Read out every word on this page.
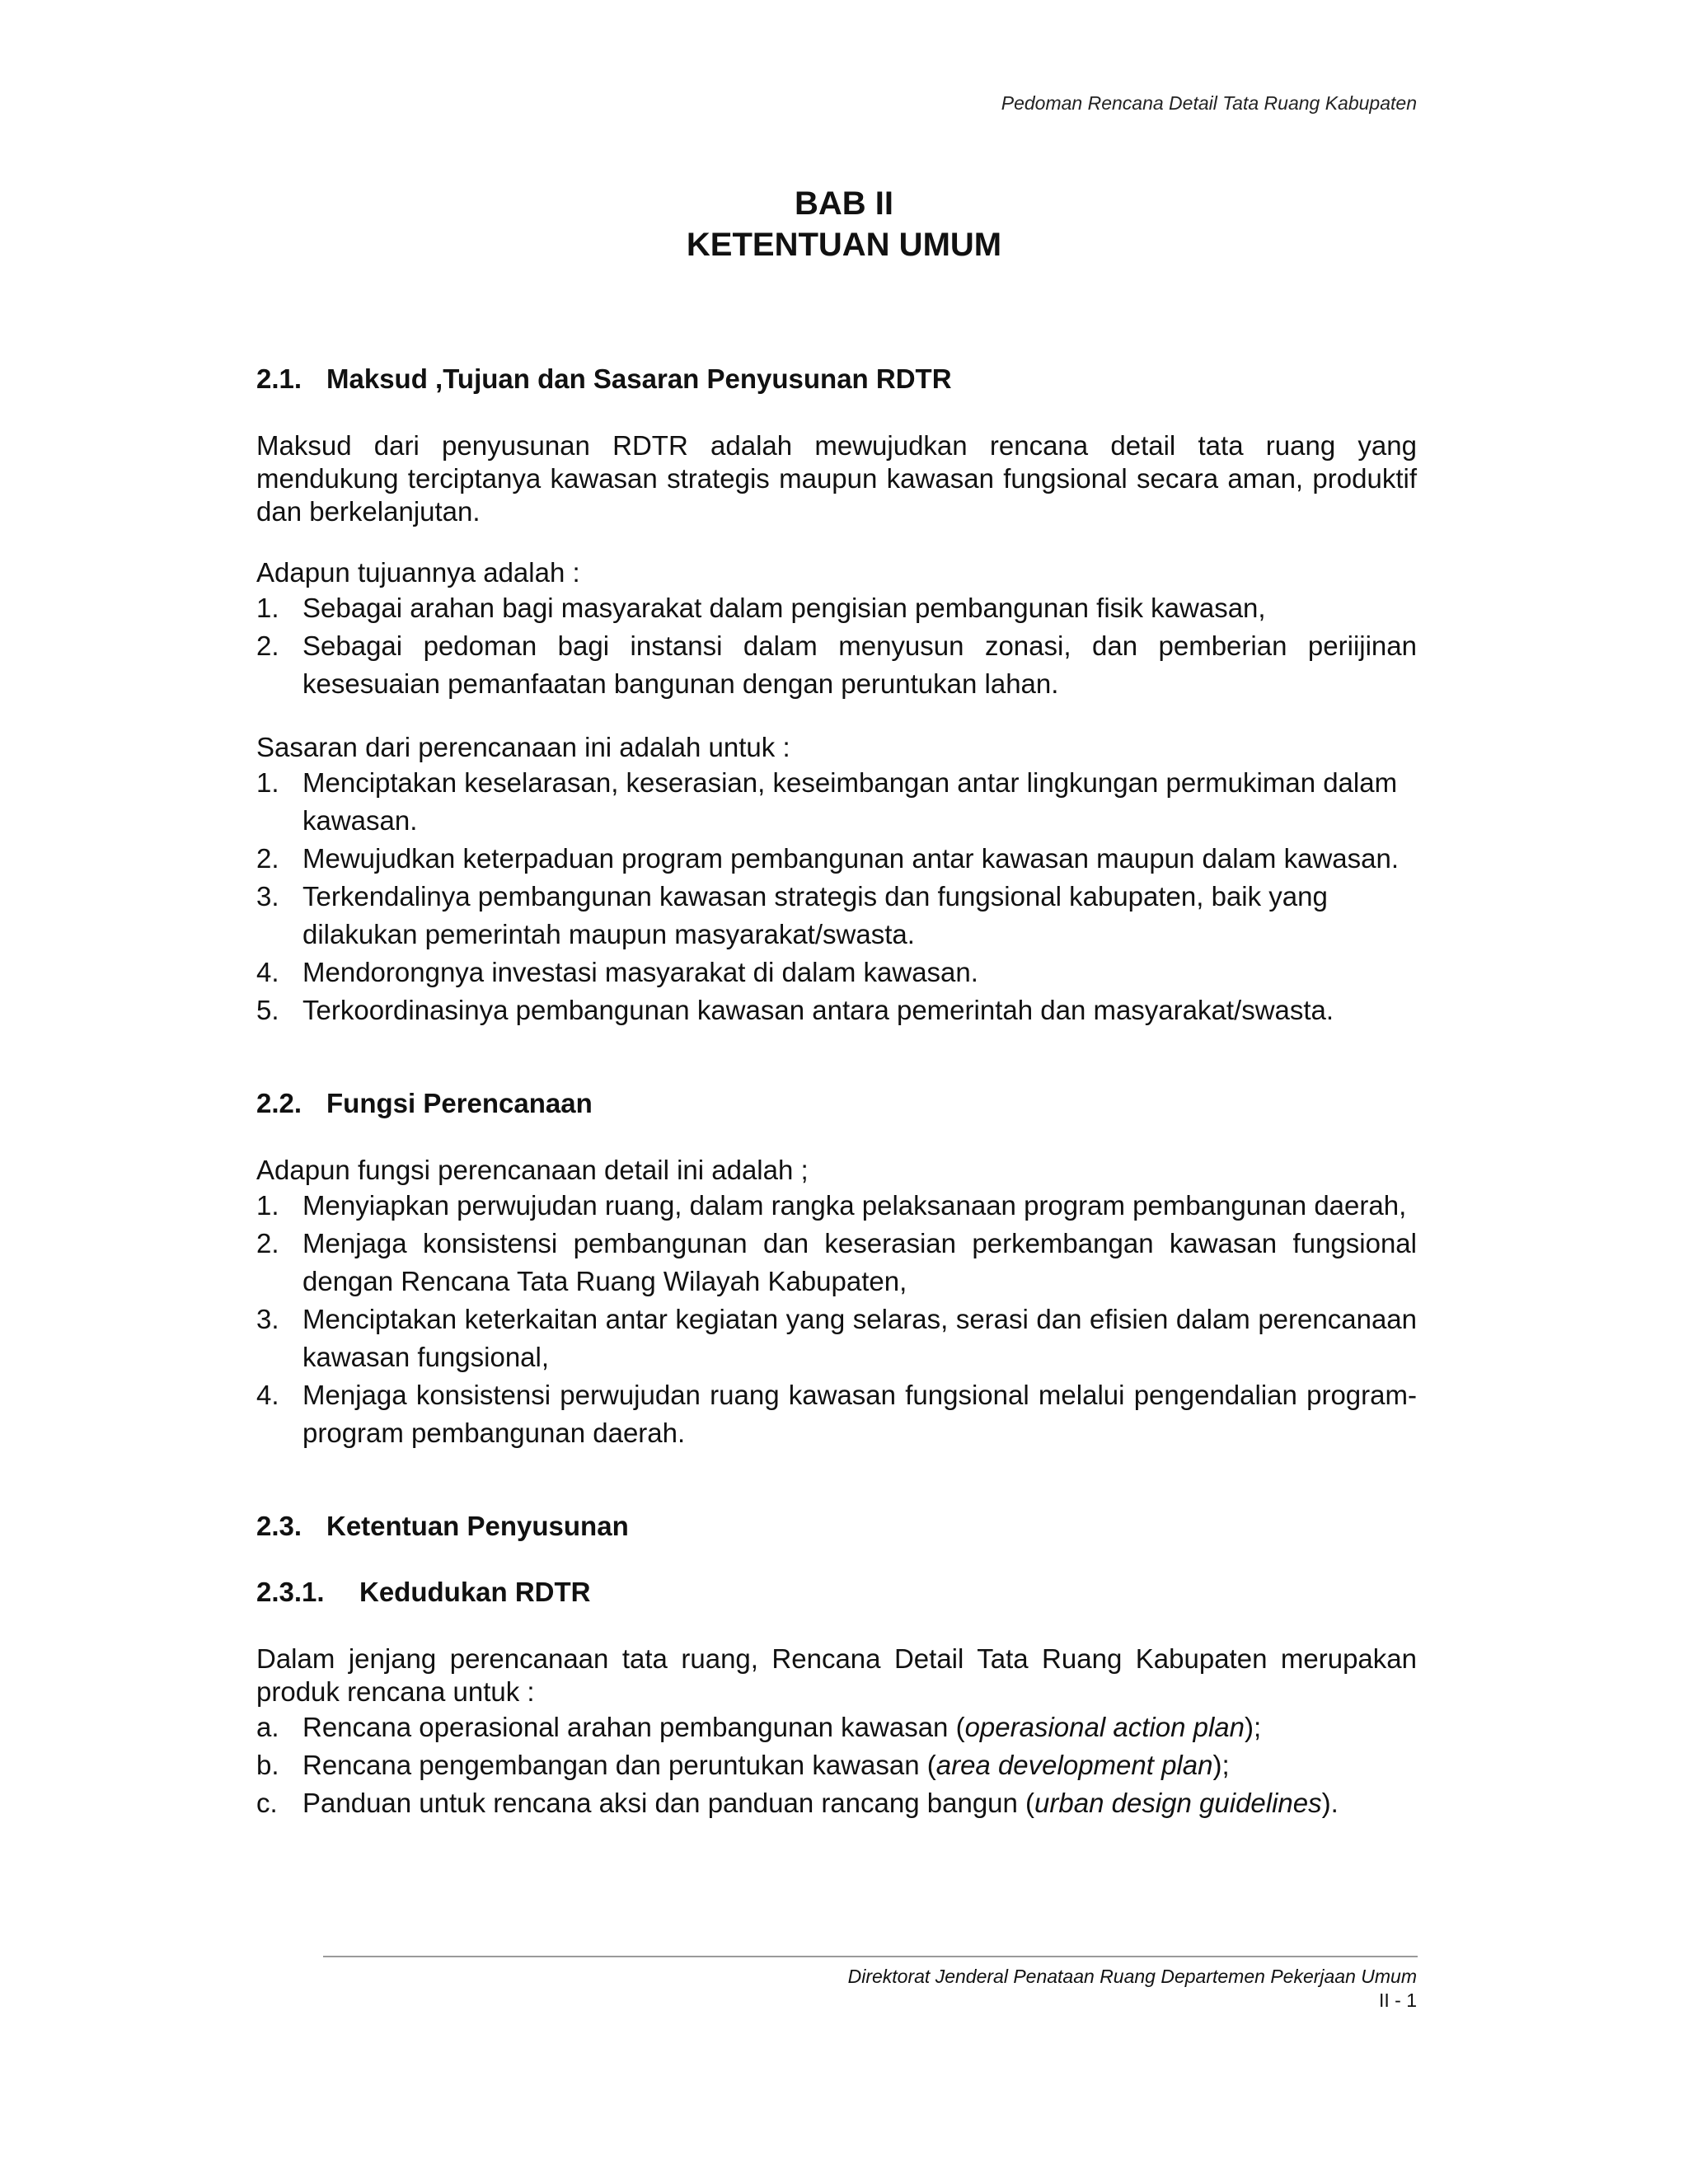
Pedoman Rencana Detail Tata Ruang Kabupaten
BAB II
KETENTUAN UMUM
2.1. Maksud ,Tujuan dan Sasaran Penyusunan RDTR

Maksud dari penyusunan RDTR adalah mewujudkan rencana detail tata ruang yang mendukung terciptanya kawasan strategis maupun kawasan fungsional secara aman, produktif dan berkelanjutan.

Adapun tujuannya adalah :

1. Sebagai arahan bagi masyarakat dalam pengisian pembangunan fisik kawasan,
2. Sebagai pedoman bagi instansi dalam menyusun zonasi, dan pemberian periijinan kesesuaian pemanfaatan bangunan dengan peruntukan lahan.

Sasaran dari perencanaan ini adalah untuk :

1. Menciptakan keselarasan, keserasian, keseimbangan antar lingkungan permukiman dalam kawasan.
2. Mewujudkan keterpaduan program pembangunan antar kawasan maupun dalam kawasan.
3. Terkendalinya pembangunan kawasan strategis dan fungsional kabupaten, baik yang dilakukan pemerintah maupun masyarakat/swasta.
4. Mendorongnya investasi masyarakat di dalam kawasan.
5. Terkoordinasinya pembangunan kawasan antara pemerintah dan masyarakat/swasta.
2.2. Fungsi Perencanaan

Adapun fungsi perencanaan detail ini adalah ;

1. Menyiapkan perwujudan ruang, dalam rangka pelaksanaan program pembangunan daerah,
2. Menjaga konsistensi pembangunan dan keserasian perkembangan kawasan fungsional dengan Rencana Tata Ruang Wilayah Kabupaten,
3. Menciptakan keterkaitan antar kegiatan yang selaras, serasi dan efisien dalam perencanaan kawasan fungsional,
4. Menjaga konsistensi perwujudan ruang kawasan fungsional melalui pengendalian program-program pembangunan daerah.
2.3. Ketentuan Penyusunan
2.3.1.	Kedudukan RDTR

Dalam jenjang perencanaan tata ruang, Rencana Detail Tata Ruang Kabupaten merupakan produk rencana untuk :

a. Rencana operasional arahan pembangunan kawasan (operasional action plan);
b. Rencana pengembangan dan peruntukan kawasan (area development plan);
c. Panduan untuk rencana aksi dan panduan rancang bangun (urban design guidelines).
Direktorat Jenderal Penataan Ruang Departemen Pekerjaan Umum
II - 1
